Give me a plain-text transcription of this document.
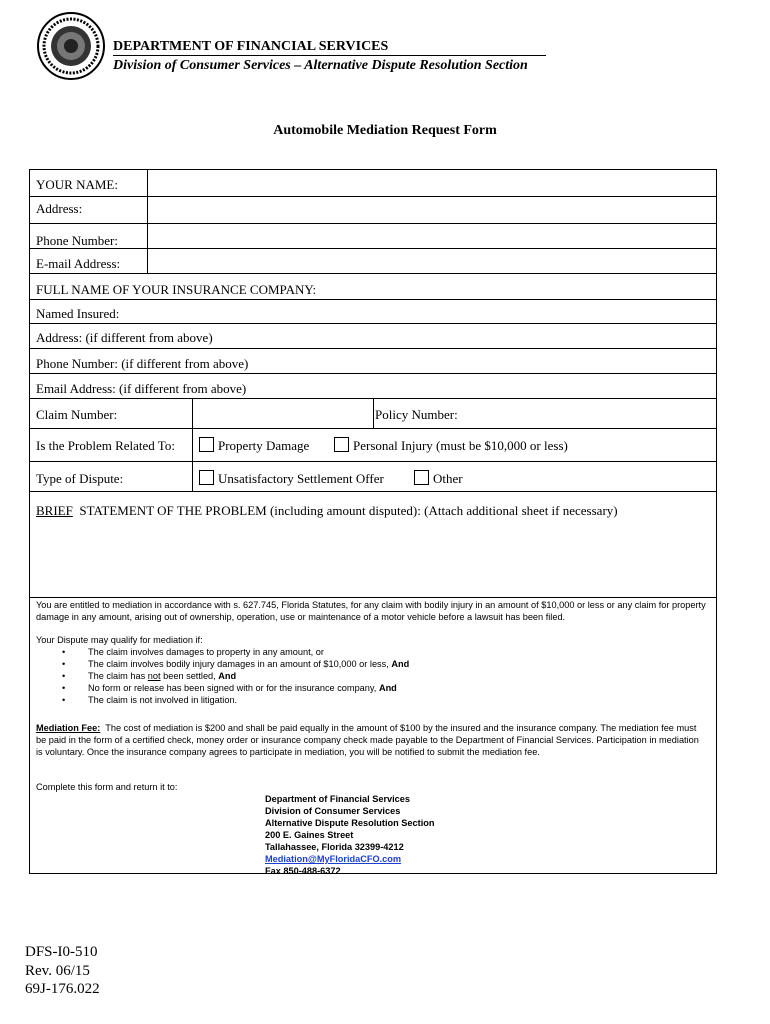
DEPARTMENT OF FINANCIAL SERVICES
Division of Consumer Services – Alternative Dispute Resolution Section
Automobile Mediation Request Form
YOUR NAME:
Address:
Phone Number:
E-mail Address:
FULL NAME OF YOUR INSURANCE COMPANY:
Named Insured:
Address: (if different from above)
Phone Number: (if different from above)
Email Address: (if different from above)
Claim Number:	Policy Number:
Is the Problem Related To:	Property Damage	Personal Injury (must be $10,000 or less)
Type of Dispute:	Unsatisfactory Settlement Offer	Other
BRIEF STATEMENT OF THE PROBLEM (including amount disputed): (Attach additional sheet if necessary)
You are entitled to mediation in accordance with s. 627.745, Florida Statutes, for any claim with bodily injury in an amount of $10,000 or less or any claim for property damage in any amount, arising out of ownership, operation, use or maintenance of a motor vehicle before a lawsuit has been filed.
Your Dispute may qualify for mediation if:
• The claim involves damages to property in any amount, or
• The claim involves bodily injury damages in an amount of $10,000 or less, And
• The claim has not been settled, And
• No form or release has been signed with or for the insurance company, And
• The claim is not involved in litigation.
Mediation Fee: The cost of mediation is $200 and shall be paid equally in the amount of $100 by the insured and the insurance company. The mediation fee must be paid in the form of a certified check, money order or insurance company check made payable to the Department of Financial Services. Participation in mediation is voluntary. Once the insurance company agrees to participate in mediation, you will be notified to submit the mediation fee.
Complete this form and return it to:
Department of Financial Services
Division of Consumer Services
Alternative Dispute Resolution Section
200 E. Gaines Street
Tallahassee, Florida 32399-4212
Mediation@MyFloridaCFO.com
Fax 850-488-6372
DFS-I0-510
Rev. 06/15
69J-176.022
